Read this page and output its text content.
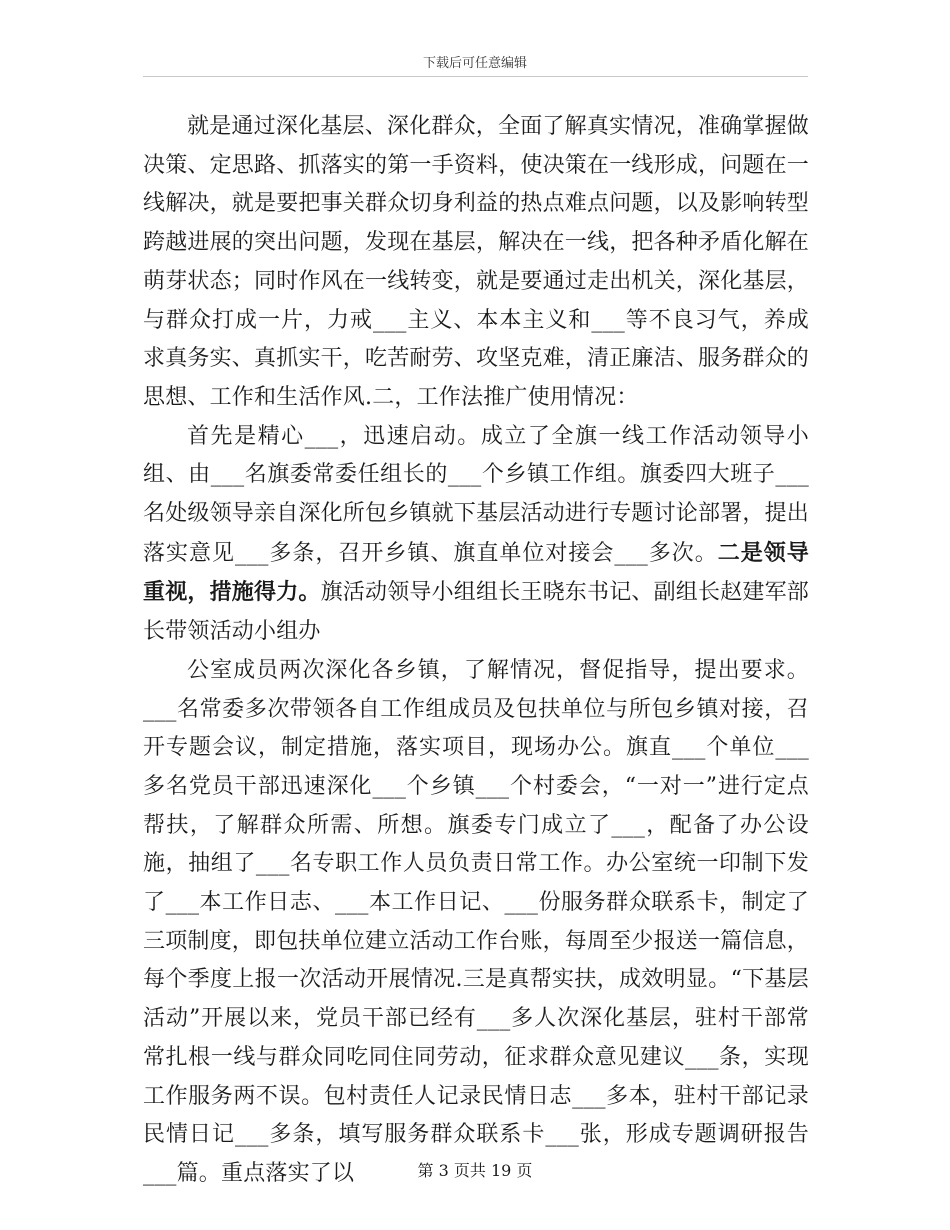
下载后可任意编辑

就是通过深化基层、深化群众，全面了解真实情况，准确掌握做决策、定思路、抓落实的第一手资料，使决策在一线形成，问题在一线解决，就是要把事关群众切身利益的热点难点问题，以及影响转型跨越进展的突出问题，发现在基层，解决在一线，把各种矛盾化解在萌芽状态；同时作风在一线转变，就是要通过走出机关，深化基层，与群众打成一片，力戒___主义、本本主义和___等不良习气，养成求真务实、真抓实干，吃苦耐劳、攻坚克难，清正廉洁、服务群众的思想、工作和生活作风.二，工作法推广使用情况：

首先是精心___，迅速启动。成立了全旗一线工作活动领导小组、由___名旗委常委任组长的___个乡镇工作组。旗委四大班子___名处级领导亲自深化所包乡镇就下基层活动进行专题讨论部署，提出落实意见___多条，召开乡镇、旗直单位对接会___多次。二是领导重视，措施得力。旗活动领导小组组长王晓东书记、副组长赵建军部长带领活动小组办

公室成员两次深化各乡镇，了解情况，督促指导，提出要求。___名常委多次带领各自工作组成员及包扶单位与所包乡镇对接，召开专题会议，制定措施，落实项目，现场办公。旗直___个单位___多名党员干部迅速深化___个乡镇___个村委会，“一对一”进行定点帮扶，了解群众所需、所想。旗委专门成立了___，配备了办公设施，抽组了___名专职工作人员负责日常工作。办公室统一印制下发了___本工作日志、___本工作日记、___份服务群众联系卡，制定了三项制度，即包扶单位建立活动工作台账，每周至少报送一篇信息，每个季度上报一次活动开展情况.三是真帮实扶，成效明显。“下基层活动”开展以来，党员干部已经有___多人次深化基层，驻村干部常常扎根一线与群众同吃同住同劳动，征求群众意见建议___条，实现工作服务两不误。包村责任人记录民情日志___多本，驻村干部记录民情日记___多条，填写服务群众联系卡___张，形成专题调研报告___篇。重点落实了以	第 3 页共 19 页
